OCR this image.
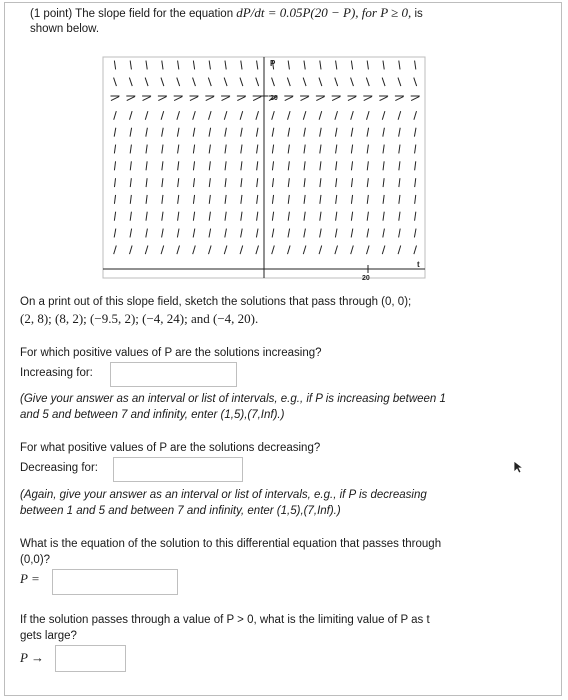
(1 point) The slope field for the equation dP/dt = 0.05P(20 − P), for P ≥ 0, is
shown below.
P
20
20
t
On a print out of this slope field, sketch the solutions that pass through (0, 0);
(2, 8); (8, 2); (−9.5, 2); (−4, 24); and (−4, 20).
For which positive values of P are the solutions increasing?
Increasing for:
(Give your answer as an interval or list of intervals, e.g., if P is increasing between 1
and 5 and between 7 and infinity, enter (1,5),(7,Inf).)
For what positive values of P are the solutions decreasing?
Decreasing for:
(Again, give your answer as an interval or list of intervals, e.g., if P is decreasing
between 1 and 5 and between 7 and infinity, enter (1,5),(7,Inf).)
What is the equation of the solution to this differential equation that passes through
(0,0)?
P =
If the solution passes through a value of P > 0, what is the limiting value of P as t
gets large?
P →
